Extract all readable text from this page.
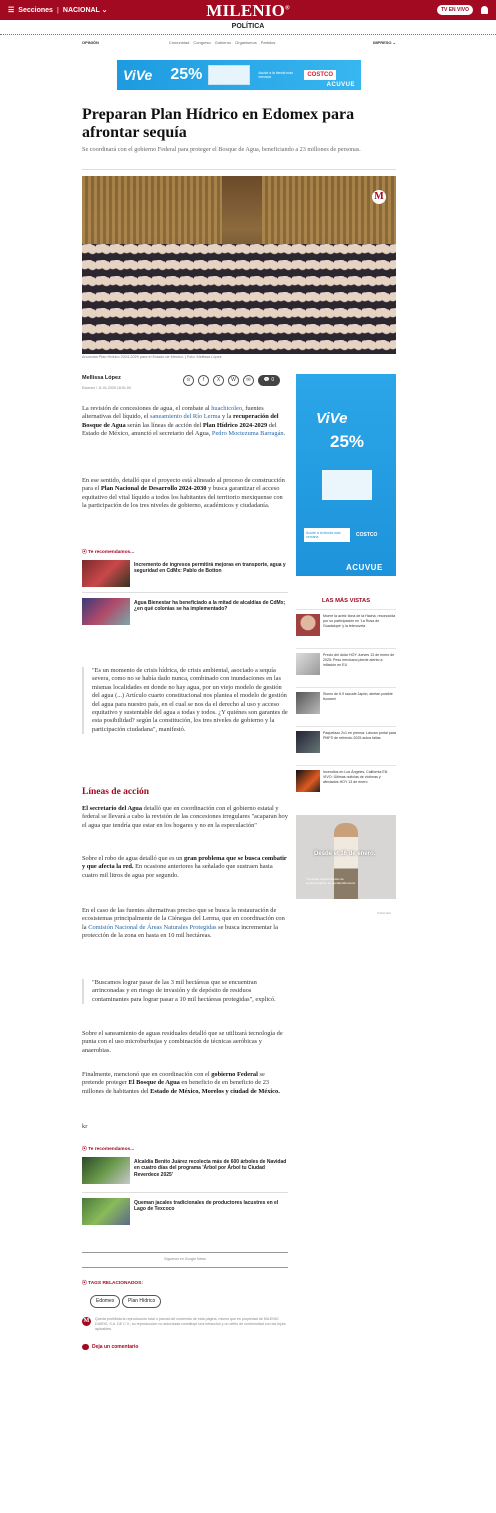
☰ Secciones | NACIONAL ⌄	MILENIO®	TV EN VIVO
POLÍTICA
OPINIÓN	Comunidad Congreso Gobierno Organismos Partidos	IMPRESO ⌄
ViVe 25%	Acude a la tienda más cercana	COSTCO
ACUVUE
Preparan Plan Hídrico en Edomex para afrontar sequía

Se coordinará con el gobierno Federal para proteger el Bosque de Agua, beneficiando a 23 millones de personas.

M

Anuncian Plan Hídrico 2024-2029 para el Estado de México. | Foto: Mellissa López

Mellissa López
Edomex / 11.01.2025 18:51:00
⊙	f	X	W	✉	💬 0

La revisión de concesiones de agua, el combate al huachicoleo, fuentes alternativas del líquido, el saneamiento del Río Lerma y la recuperación del Bosque de Agua serán las líneas de acción del Plan Hídrico 2024-2029 del Estado de México, anunció el secretario del Agua, Pedro Moctezuma Barragán.

En ese sentido, detalló que el proyecto está alineado al proceso de construcción para el Plan Nacional de Desarrollo 2024-2030 y busca garantizar el acceso equitativo del vital líquido a todos los habitantes del territorio mexiquense con la participación de los tres niveles de gobierno, académicos y ciudadanía.

⦿ Te recomendamos...
Incremento de ingresos permitirá mejoras en transporte, agua y seguridad en CdMx: Pablo de Botton
Agua Bienestar ha beneficiado a la mitad de alcaldías de CdMx; ¿en qué colonias se ha implementado?
"Es un momento de crisis hídrica, de crisis ambiental, asociado a sequía severa, como no se había dado nunca, combinado con inundaciones en las mismas localidades en donde no hay agua, por un viejo modelo de gestión del agua (...) Artículo cuarto constitucional nos plantea el modelo de gestión del agua para nuestro país, en el cual se nos da el derecho al uso y acceso equitativo y sustentable del agua a todas y todos. ¿Y quiénes son garantes de esta posibilidad? según la constitución, los tres niveles de gobierno y la participación ciudadana", manifestó.
Líneas de acción

El secretario del Agua detalló que en coordinación con el gobierno estatal y federal se llevará a cabo la revisión de las concesiones irregulares "acaparan hoy el agua que tendría que estar en los hogares y no en la especulación"

Sobre el robo de agua detalló que es un gran problema que se busca combatir y que afecta la red. En ocasione anteriores ha señalado que sustraen hasta cuatro mil litros de agua por segundo.

En el caso de las fuentes alternativas preciso que se busca la restauración de ecosistemas principalmente de la Ciénegas del Lerma, que en coordinación con la Comisión Nacional de Áreas Naturales Protegidas se busca incrementar la protección de la zona en hasta en 10 mil hectáreas.

"Buscamos lograr pasar de las 3 mil hectáreas que se encuentran arrinconadas y en riesgo de invasión y de depósito de residuos contaminantes para lograr pasar a 10 mil hectáreas protegidas", explicó.

Sobre el saneamiento de aguas residuales detalló que se utilizará tecnología de punta con el uso microburbujas y combinación de técnicas aeróbicas y anaerobias.

Finalmente, mencionó que en coordinación con el gobierno Federal se pretende proteger El Bosque de Agua en beneficio de en beneficio de 23 millones de habitantes del Estado de México, Morelos y ciudad de México.

kr

⦿ Te recomendamos...
Alcaldía Benito Juárez recolecta más de 600 árboles de Navidad en cuatro días del programa 'Árbol por Árbol tu Ciudad Reverdece 2025'
Queman jacales tradicionales de productores lacustres en el Lago de Texcoco
Síguenos en Google News
⦿ TAGS RELACIONADOS:
Edomex	Plan Hídrico
M	Queda prohibida la reproducción total o parcial del contenido de esta página, mismo que es propiedad de MILENIO DIARIO, S.A. DE C.V.; su reproducción no autorizada constituye una infracción y un delito de conformidad con las leyes aplicables.
Deja un comentario
ViVe
25%
Acude a la tienda más cercana	COSTCO
ACUVUE
LAS MÁS VISTAS
Muere la actriz Ilona de la Hacha, reconocida por su participación en 'La Rosa de Guadalupe' y la telenovela
Precio del dólar HOY Jueves 13 de enero de 2025: Peso mexicano pierde atento a inflación en EU
Sismo de 6.9 sacude Japón; alertan posible tsunami
Paquetazo 2x1 en prensa: Lánzan portal para PMFS de refrendo 2025 autos fallas
Incendios en Los Ángeles, California EN VIVO: Últimas noticias de víctimas y afectados HOY 13 de enero
Desde el 16 de enero.
*Consulta requerimientos de implementación en tiendas Ebenezer
Publicidad
